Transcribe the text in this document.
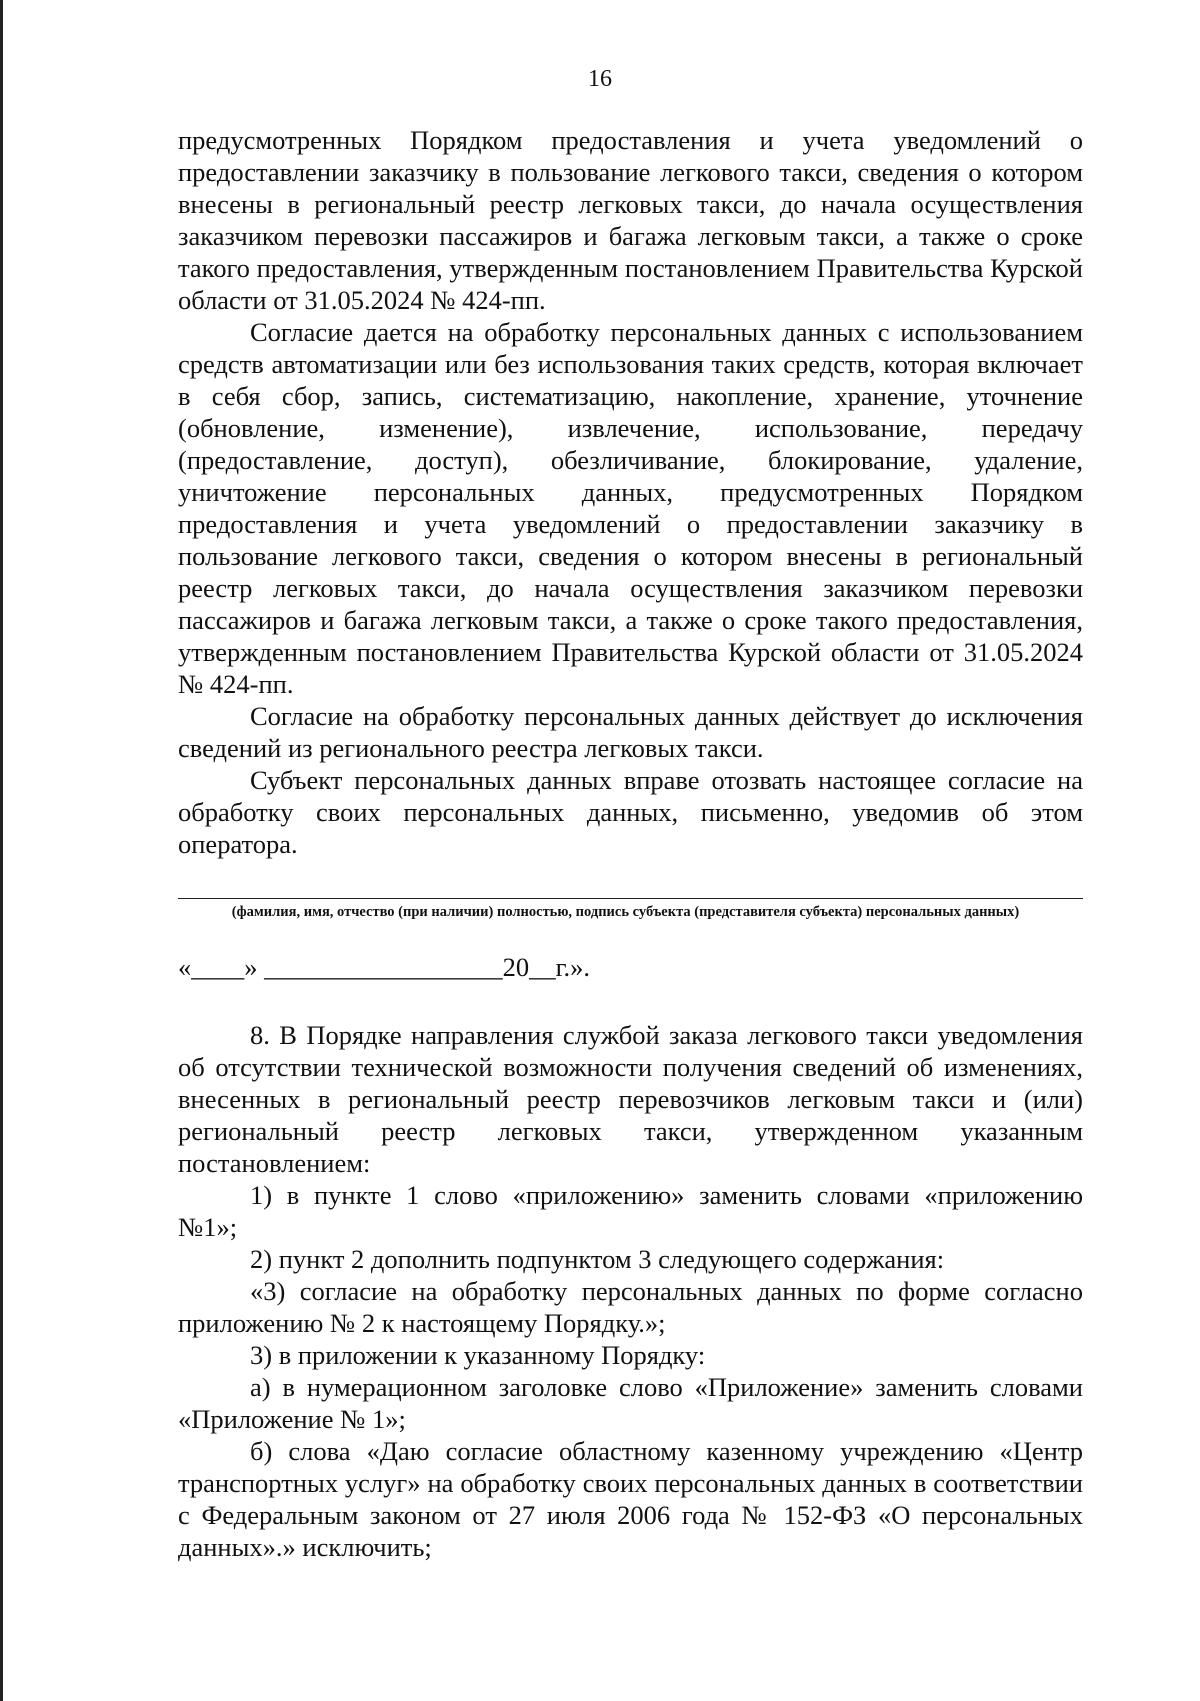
16

предусмотренных Порядком предоставления и учета уведомлений о предоставлении заказчику в пользование легкового такси, сведения о котором внесены в региональный реестр легковых такси, до начала осуществления заказчиком перевозки пассажиров и багажа легковым такси, а также о сроке такого предоставления, утвержденным постановлением Правительства Курской области от 31.05.2024 № 424-пп.

Согласие дается на обработку персональных данных с использованием средств автоматизации или без использования таких средств, которая включает в себя сбор, запись, систематизацию, накопление, хранение, уточнение (обновление, изменение), извлечение, использование, передачу (предоставление, доступ), обезличивание, блокирование, удаление, уничтожение персональных данных, предусмотренных Порядком предоставления и учета уведомлений о предоставлении заказчику в пользование легкового такси, сведения о котором внесены в региональный реестр легковых такси, до начала осуществления заказчиком перевозки пассажиров и багажа легковым такси, а также о сроке такого предоставления, утвержденным постановлением Правительства Курской области от 31.05.2024 № 424-пп.

Согласие на обработку персональных данных действует до исключения сведений из регионального реестра легковых такси.

Субъект персональных данных вправе отозвать настоящее согласие на обработку своих персональных данных, письменно, уведомив об этом оператора.

(фамилия, имя, отчество (при наличии) полностью, подпись субъекта (представителя субъекта) персональных данных)
«____» __________________20__г.».

8. В Порядке направления службой заказа легкового такси уведомления об отсутствии технической возможности получения сведений об изменениях, внесенных в региональный реестр перевозчиков легковым такси и (или) региональный реестр легковых такси, утвержденном указанным постановлением:

1) в пункте 1 слово «приложению» заменить словами «приложению №1»;

2) пункт 2 дополнить подпунктом 3 следующего содержания:

«3) согласие на обработку персональных данных по форме согласно приложению № 2 к настоящему Порядку.»;

3) в приложении к указанному Порядку:

а) в нумерационном заголовке слово «Приложение» заменить словами «Приложение № 1»;

б) слова «Даю согласие областному казенному учреждению «Центр транспортных услуг» на обработку своих персональных данных в соответствии с Федеральным законом от 27 июля 2006 года № 152-ФЗ «О персональных данных».» исключить;
